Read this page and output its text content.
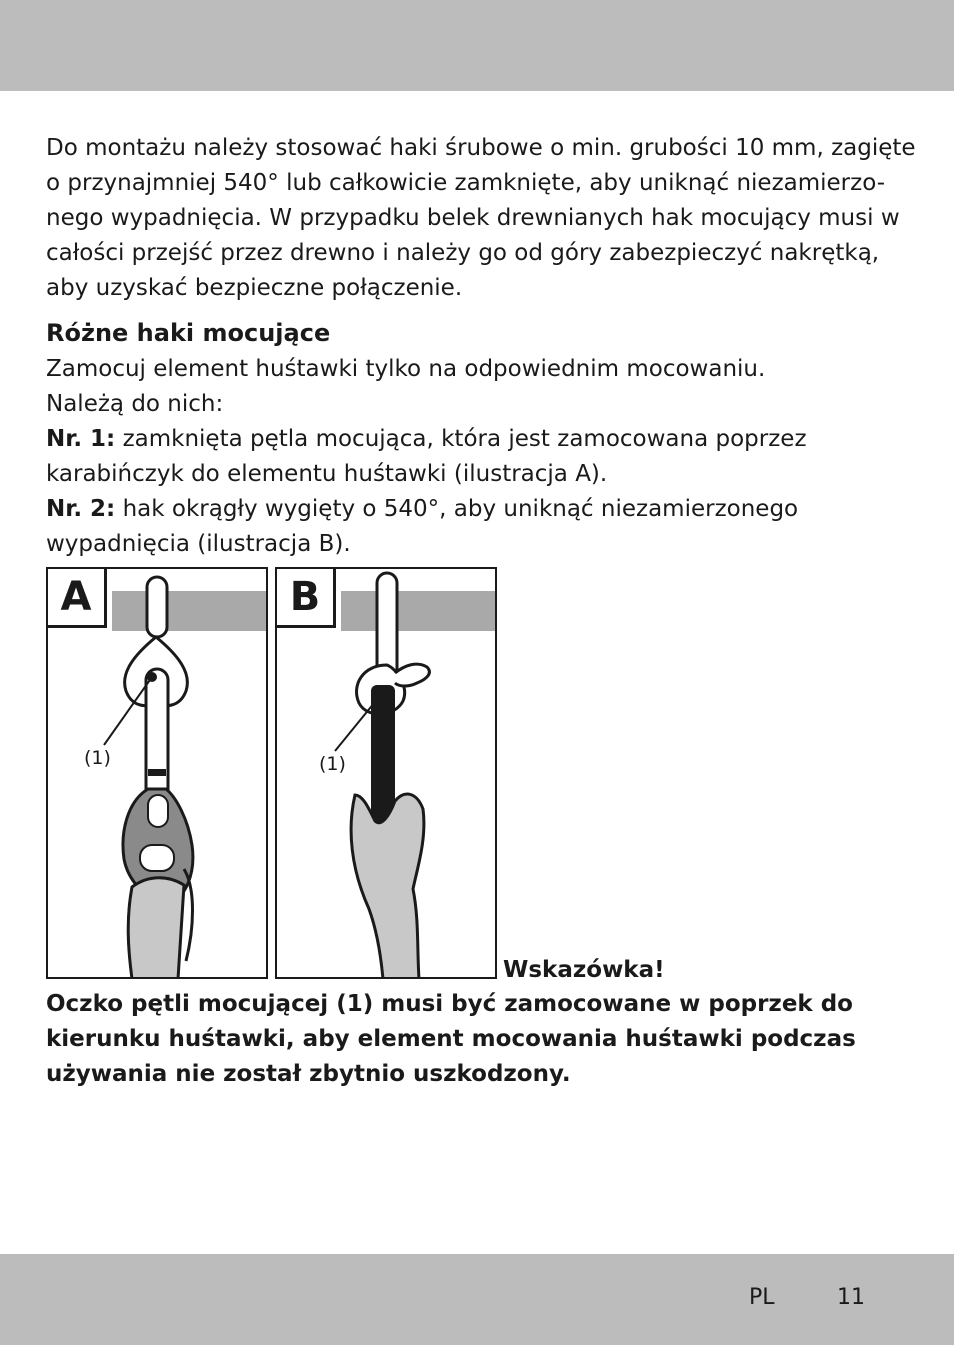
Do montażu należy stosować haki śrubowe o min. grubości 10 mm, zagięte

o przynajmniej 540° lub całkowicie zamknięte, aby uniknąć niezamierzo-

nego wypadnięcia. W przypadku belek drewnianych hak mocujący musi w

całości przejść przez drewno i należy go od góry zabezpieczyć nakrętką,

aby uzyskać bezpieczne połączenie.

Różne haki mocujące

Zamocuj element huśtawki tylko na odpowiednim mocowaniu.

Należą do nich:

Nr. 1: zamknięta pętla mocująca, która jest zamocowana poprzez

karabińczyk do elementu huśtawki (ilustracja A).

Nr. 2: hak okrągły wygięty o 540°, aby uniknąć niezamierzonego

wypadnięcia (ilustracja B).

A
(1)
B
(1)
Wskazówka!
Oczko pętli mocującej (1) musi być zamocowane w poprzek do
kierunku huśtawki, aby element mocowania huśtawki podczas
używania nie został zbytnio uszkodzony.
PL	11
